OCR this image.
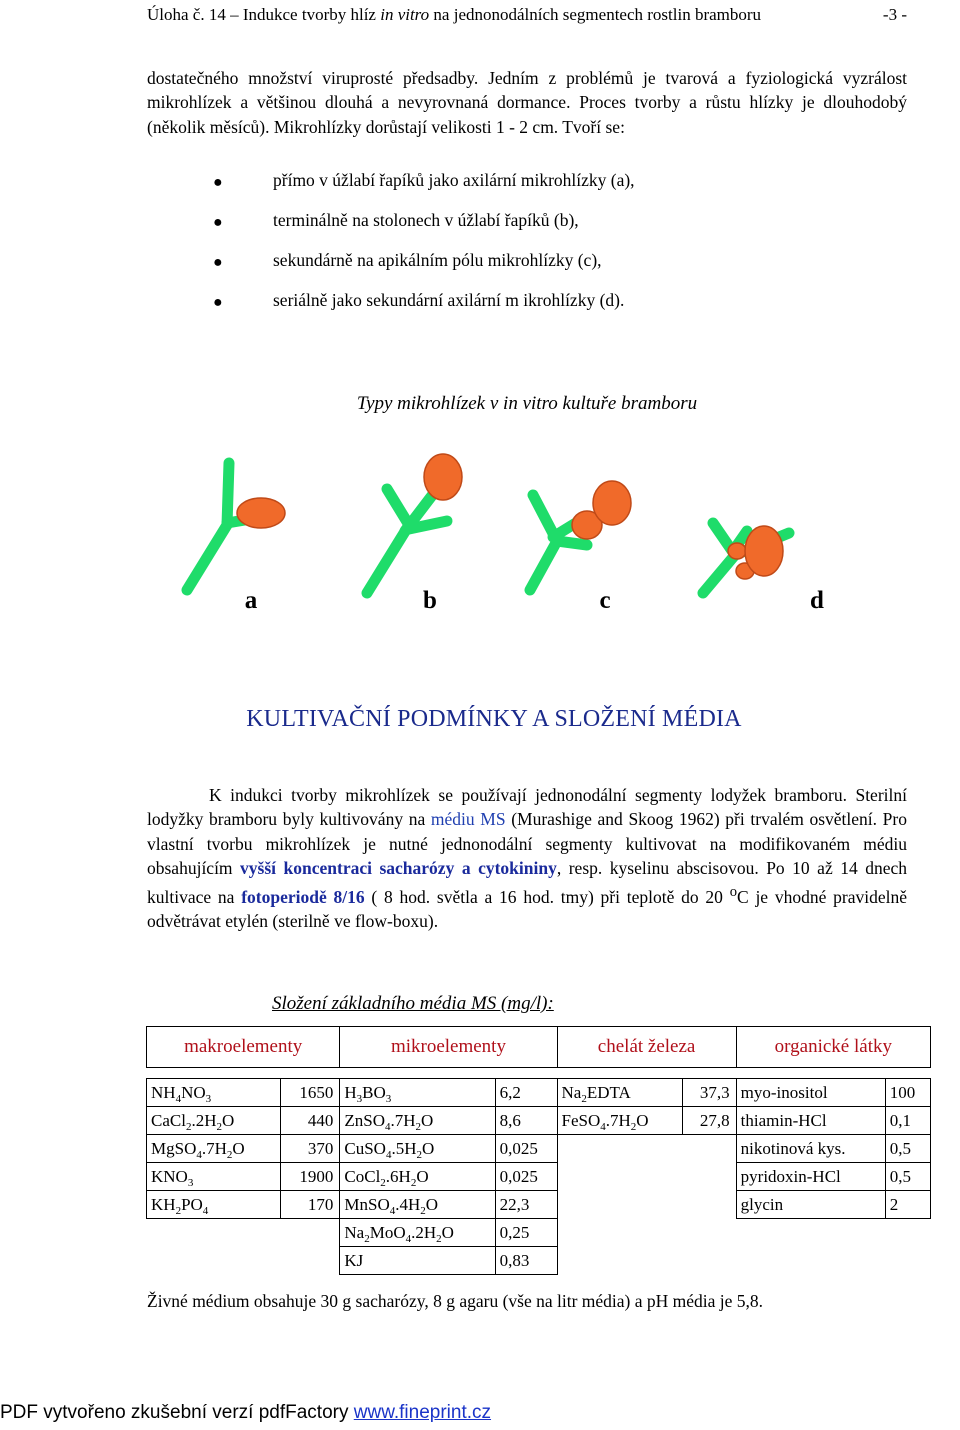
Úloha č. 14 – Indukce tvorby hlíz in vitro na jednonodálních segmentech rostlin bramboru	-3 -
dostatečného množství viruprosté předsadby. Jedním z problémů je tvarová a fyziologická vyzrálost mikrohlízek a většinou dlouhá a nevyrovnaná dormance. Proces tvorby a růstu hlízky je dlouhodobý (několik měsíců). Mikrohlízky dorůstají velikosti 1 - 2 cm. Tvoří se:
●	přímo v úžlabí řapíků jako axilární mikrohlízky (a),
●	terminálně na stolonech v úžlabí řapíků (b),
●	sekundárně na apikálním pólu mikrohlízky (c),
●	seriálně jako sekundární axilární m ikrohlízky (d).
Typy mikrohlízek v in vitro kultuře bramboru
a	b	c	d
KULTIVAČNÍ PODMÍNKY A SLOŽENÍ MÉDIA
K indukci tvorby mikrohlízek se používají jednonodální segmenty lodyžek bramboru. Sterilní lodyžky bramboru byly kultivovány na médiu MS (Murashige and Skoog 1962) při trvalém osvětlení. Pro vlastní tvorbu mikrohlízek je nutné jednonodální segmenty kultivovat na modifikovaném médiu obsahujícím vyšší koncentraci sacharózy a cytokininy, resp. kyselinu abscisovou. Po 10 až 14 dnech kultivace na fotoperiodě 8/16 ( 8 hod. světla a 16 hod. tmy) při teplotě do 20 $^o$C je vhodné pravidelně odvětrávat etylén (sterilně ve flow-boxu).
Složení základního média MS (mg/l):
makroelementy		mikroelementy		chelát železa		organické látky	

$NH_4NO_3$	1650	$H_3BO_3$	6,2	$Na_2EDTA$	37,3	myo-inositol	100
$CaCl_2.2H_2O$	440	$ZnSO_4.7H_2O$	8,6	$FeSO_4.7H_2O$	27,8	thiamin-HCl	0,1
$MgSO_4.7H_2O$	370	$CuSO_4.5H_2O$	0,025			nikotinová kys.	0,5
$KNO_3$	1900	$CoCl_2.6H_2O$	0,025			pyridoxin-HCl	0,5
$KH_2PO_4$	170	$MnSO_4.4H_2O$	22,3			glycin	2
		$Na_2MoO_4.2H_2O$	0,25				
		KJ	0,83				
Živné médium obsahuje 30 g sacharózy, 8 g agaru (vše na litr média) a pH média je 5,8.
PDF vytvořeno zkušební verzí pdfFactory www.fineprint.cz
